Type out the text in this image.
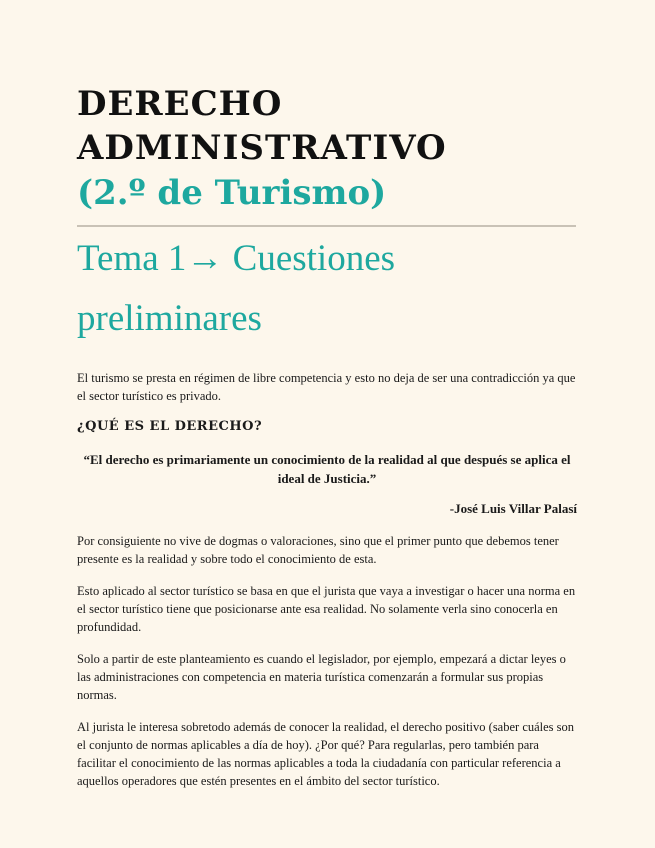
DERECHO
ADMINISTRATIVO
(2.º de Turismo)
Tema 1→ Cuestiones
preliminares

El turismo se presta en régimen de libre competencia y esto no deja de ser una contradicción ya que el sector turístico es privado.

¿QUÉ ES EL DERECHO?
“El derecho es primariamente un conocimiento de la realidad al que después se aplica el ideal de Justicia.”
-José Luis Villar Palasí

Por consiguiente no vive de dogmas o valoraciones, sino que el primer punto que debemos tener presente es la realidad y sobre todo el conocimiento de esta.

Esto aplicado al sector turístico se basa en que el jurista que vaya a investigar o hacer una norma en el sector turístico tiene que posicionarse ante esa realidad. No solamente verla sino conocerla en profundidad.

Solo a partir de este planteamiento es cuando el legislador, por ejemplo, empezará a dictar leyes o las administraciones con competencia en materia turística comenzarán a formular sus propias normas.

Al jurista le interesa sobretodo además de conocer la realidad, el derecho positivo (saber cuáles son el conjunto de normas aplicables a día de hoy). ¿Por qué? Para regularlas, pero también para facilitar el conocimiento de las normas aplicables a toda la ciudadanía con particular referencia a aquellos operadores que estén presentes en el ámbito del sector turístico.
